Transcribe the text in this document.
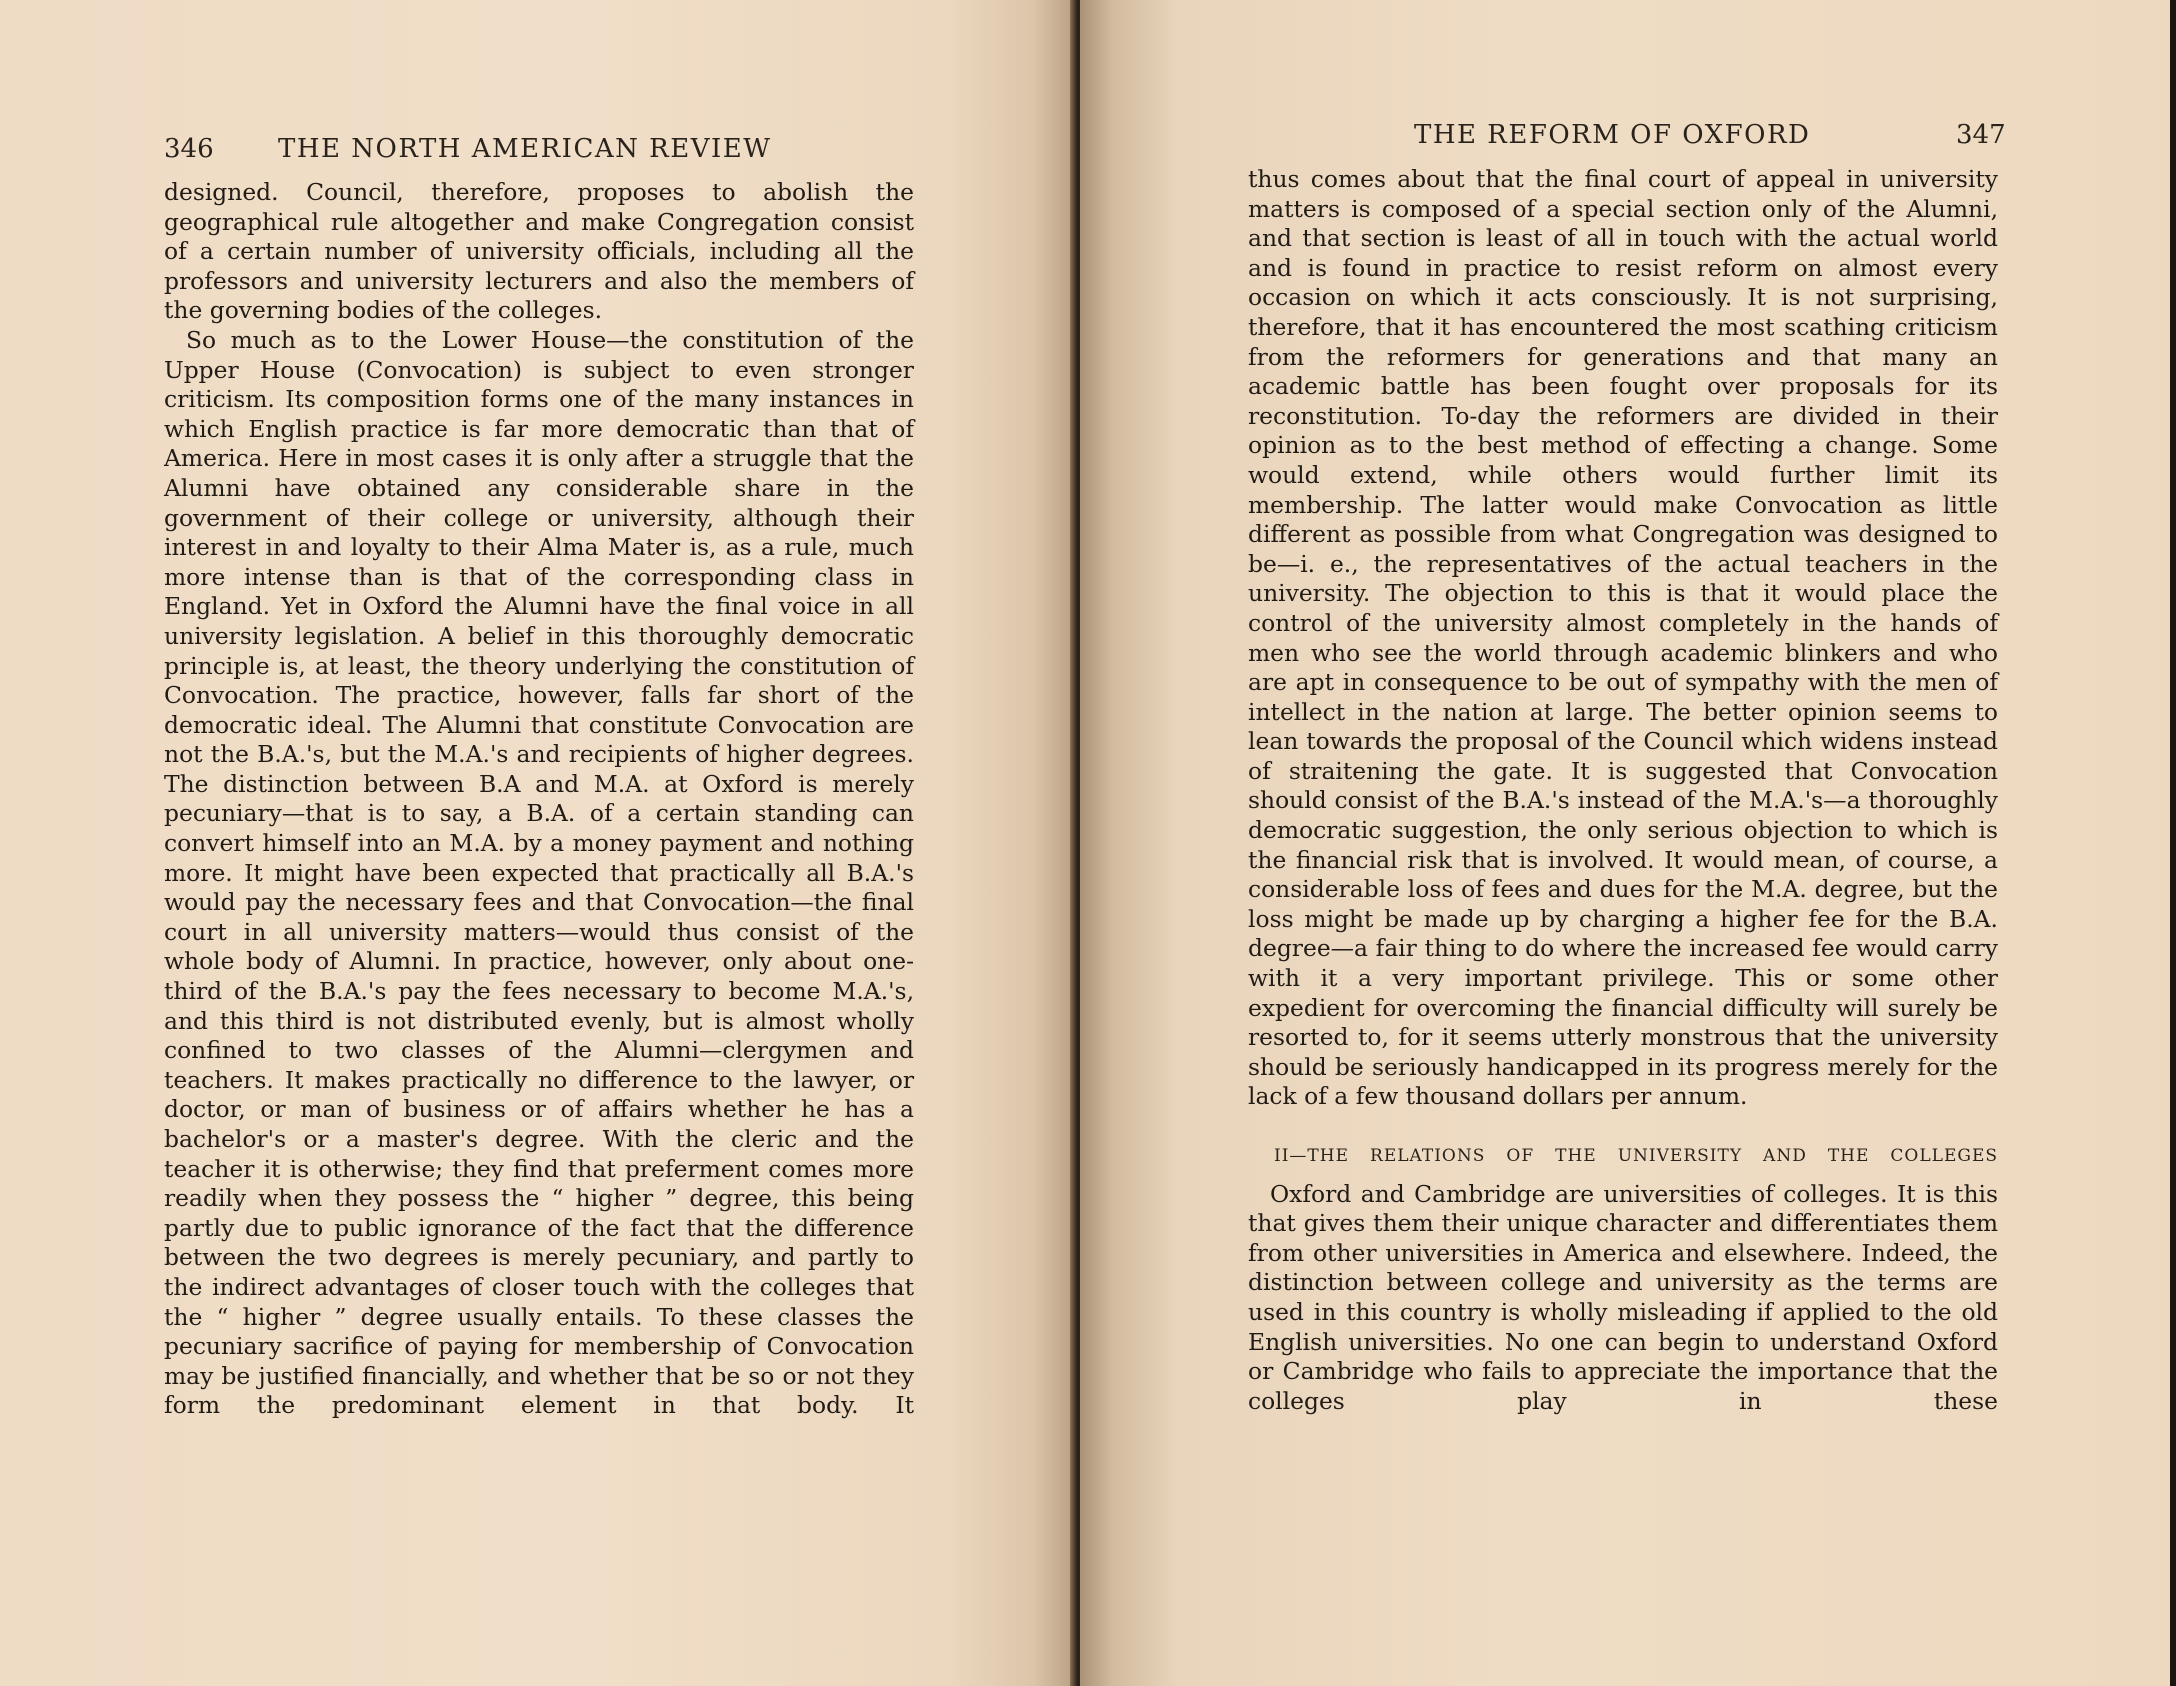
346 THE NORTH AMERICAN REVIEW

designed. Council, therefore, proposes to abolish the geographical rule altogether and make Congregation consist of a certain number of university officials, including all the professors and university lecturers and also the members of the governing bodies of the colleges.

So much as to the Lower House—the constitution of the Upper House (Convocation) is subject to even stronger criticism. Its composition forms one of the many instances in which English practice is far more democratic than that of America. Here in most cases it is only after a struggle that the Alumni have obtained any considerable share in the government of their college or university, although their interest in and loyalty to their Alma Mater is, as a rule, much more intense than is that of the corresponding class in England. Yet in Oxford the Alumni have the final voice in all university legislation. A belief in this thoroughly democratic principle is, at least, the theory underlying the constitution of Convocation. The practice, however, falls far short of the democratic ideal. The Alumni that constitute Convocation are not the B.A.'s, but the M.A.'s and recipients of higher degrees. The distinction between B.A and M.A. at Oxford is merely pecuniary—that is to say, a B.A. of a certain standing can convert himself into an M.A. by a money payment and nothing more. It might have been expected that practically all B.A.'s would pay the necessary fees and that Convocation—the final court in all university matters—would thus consist of the whole body of Alumni. In practice, however, only about one-third of the B.A.'s pay the fees necessary to become M.A.'s, and this third is not distributed evenly, but is almost wholly confined to two classes of the Alumni—clergymen and teachers. It makes practically no difference to the lawyer, or doctor, or man of business or of affairs whether he has a bachelor's or a master's degree. With the cleric and the teacher it is otherwise; they find that preferment comes more readily when they possess the “ higher ” degree, this being partly due to public ignorance of the fact that the difference between the two degrees is merely pecuniary, and partly to the indirect advantages of closer touch with the colleges that the “ higher ” degree usually entails. To these classes the pecuniary sacrifice of paying for membership of Convocation may be justified financially, and whether that be so or not they form the predominant element in that body. It

THE REFORM OF OXFORD	347

thus comes about that the final court of appeal in university matters is composed of a special section only of the Alumni, and that section is least of all in touch with the actual world and is found in practice to resist reform on almost every occasion on which it acts consciously. It is not surprising, therefore, that it has encountered the most scathing criticism from the reformers for generations and that many an academic battle has been fought over proposals for its reconstitution. To-day the reformers are divided in their opinion as to the best method of effecting a change. Some would extend, while others would further limit its membership. The latter would make Convocation as little different as possible from what Congregation was designed to be—i. e., the representatives of the actual teachers in the university. The objection to this is that it would place the control of the university almost completely in the hands of men who see the world through academic blinkers and who are apt in consequence to be out of sympathy with the men of intellect in the nation at large. The better opinion seems to lean towards the proposal of the Council which widens instead of straitening the gate. It is suggested that Convocation should consist of the B.A.'s instead of the M.A.'s—a thoroughly democratic suggestion, the only serious objection to which is the financial risk that is involved. It would mean, of course, a considerable loss of fees and dues for the M.A. degree, but the loss might be made up by charging a higher fee for the B.A. degree—a fair thing to do where the increased fee would carry with it a very important privilege. This or some other expedient for overcoming the financial difficulty will surely be resorted to, for it seems utterly monstrous that the university should be seriously handicapped in its progress merely for the lack of a few thousand dollars per annum.

II—THE RELATIONS OF THE UNIVERSITY AND THE COLLEGES

Oxford and Cambridge are universities of colleges. It is this that gives them their unique character and differentiates them from other universities in America and elsewhere. Indeed, the distinction between college and university as the terms are used in this country is wholly misleading if applied to the old English universities. No one can begin to understand Oxford or Cambridge who fails to appreciate the importance that the colleges play in these
